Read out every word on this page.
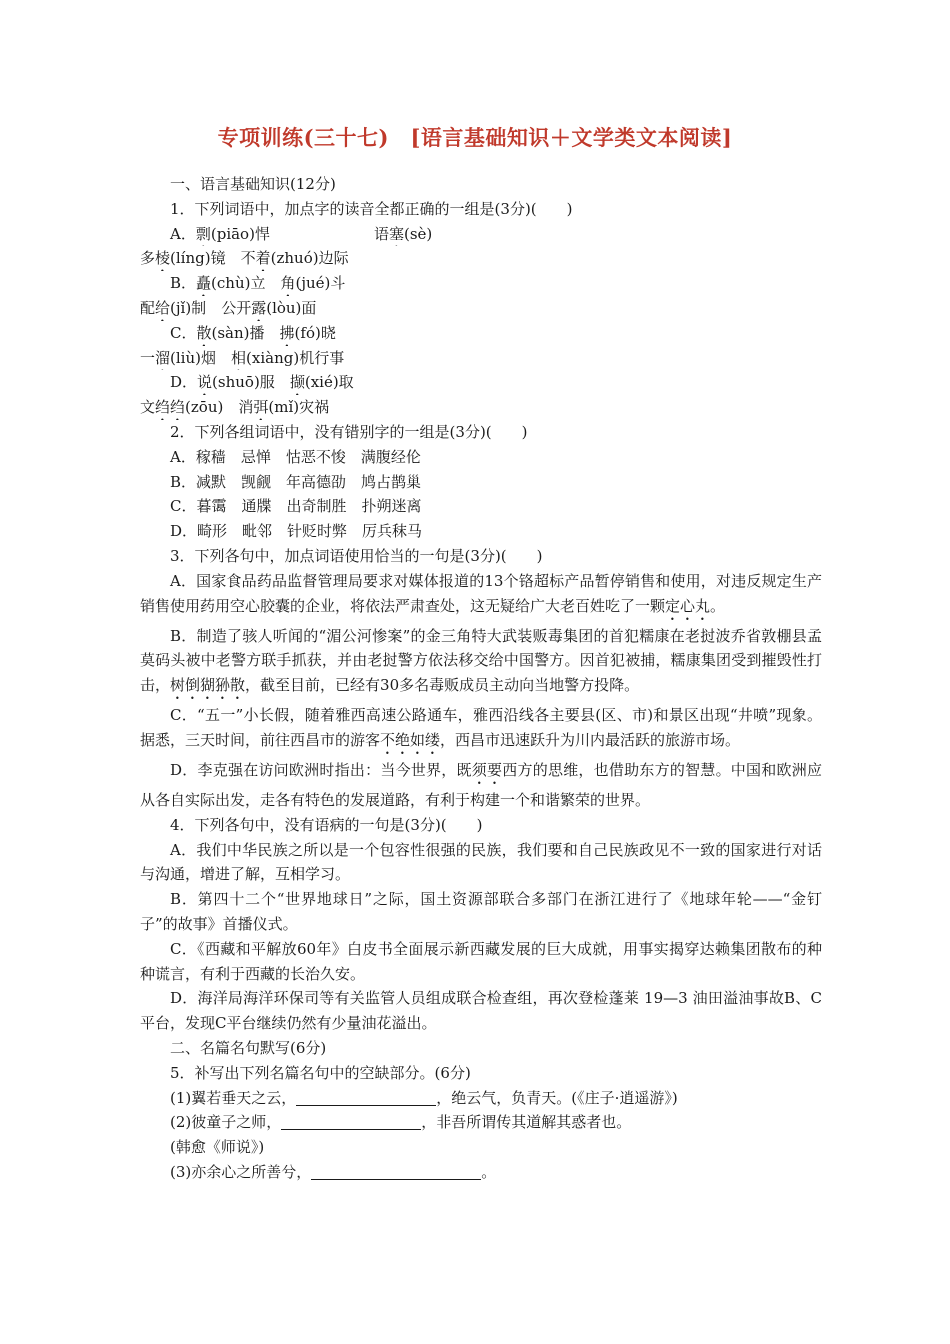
专项训练(三十七)　[语言基础知识＋文学类文本阅读]
一、语言基础知识(12分)
1．下列词语中，加点字的读音全都正确的一组是(3分)(　　)
A．剽(piāo)悍	语塞(sè)
多棱(líng)镜　不着(zhuó)边际
B．矗(chù)立　 角(jué)斗
配给(jǐ)制　公开露(lòu)面
C．散(sàn)播　 拂(fó)晓
一溜(liù)烟　 相(xiàng)机行事
D．说(shuō)服　 撷(xié)取
文绉绉(zōu)　消弭(mǐ)灾祸
2．下列各组词语中，没有错别字的一组是(3分)(　　)
A．稼穑　忌惮　怙恶不悛　满腹经伦
B．减默　觊觎　年高德劭　鸠占鹊巢
C．暮霭　通牒　出奇制胜　扑朔迷离
D．畸形　毗邻　针贬时弊　厉兵秣马
3．下列各句中，加点词语使用恰当的一句是(3分)(　　)

A．国家食品药品监督管理局要求对媒体报道的13个铬超标产品暂停销售和使用，对违反规定生产销售使用药用空心胶囊的企业，将依法严肃查处，这无疑给广大老百姓吃了一颗定心丸。

B．制造了骇人听闻的“湄公河惨案”的金三角特大武装贩毒集团的首犯糯康在老挝波乔省敦棚县孟莫码头被中老警方联手抓获，并由老挝警方依法移交给中国警方。因首犯被捕，糯康集团受到摧毁性打击，树倒猢狲散，截至目前，已经有30多名毒贩成员主动向当地警方投降。

C．“五一”小长假，随着雅西高速公路通车，雅西沿线各主要县(区、市)和景区出现“井喷”现象。据悉，三天时间，前往西昌市的游客不绝如缕，西昌市迅速跃升为川内最活跃的旅游市场。

D．李克强在访问欧洲时指出：当今世界，既须要西方的思维，也借助东方的智慧。中国和欧洲应从各自实际出发，走各有特色的发展道路，有利于构建一个和谐繁荣的世界。

4．下列各句中，没有语病的一句是(3分)(　　)

A．我们中华民族之所以是一个包容性很强的民族，我们要和自己民族政见不一致的国家进行对话与沟通，增进了解，互相学习。

B．第四十二个“世界地球日”之际，国土资源部联合多部门在浙江进行了《地球年轮——“金钉子”的故事》首播仪式。

C．《西藏和平解放60年》白皮书全面展示新西藏发展的巨大成就，用事实揭穿达赖集团散布的种种谎言，有利于西藏的长治久安。

D．海洋局海洋环保司等有关监管人员组成联合检查组，再次登检蓬莱 19—3 油田溢油事故B、C平台，发现C平台继续仍然有少量油花溢出。

二、名篇名句默写(6分)
5．补写出下列名篇名句中的空缺部分。(6分)
(1)翼若垂天之云，	，绝云气，负青天。(《庄子·逍遥游》)
(2)彼童子之师，	，非吾所谓传其道解其惑者也。
(韩愈《师说》)
(3)亦余心之所善兮，	。
